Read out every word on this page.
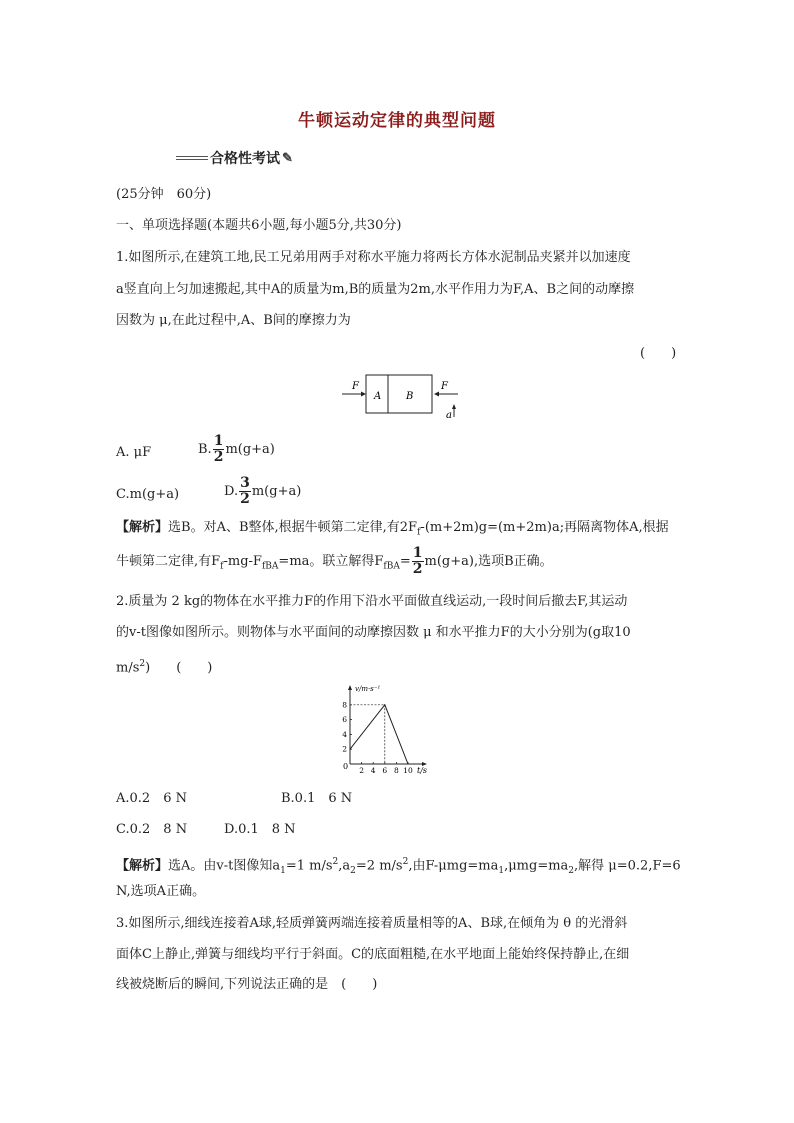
牛顿运动定律的典型问题
合格性考试 ✎
(25分钟　60分)
一、单项选择题(本题共6小题,每小题5分,共30分)
1.如图所示,在建筑工地,民工兄弟用两手对称水平施力将两长方体水泥制品夹紧并以加速度
a竖直向上匀加速搬起,其中A的质量为m,B的质量为2m,水平作用力为F,A、B之间的动摩擦
因数为 μ,在此过程中,A、B间的摩擦力为
(　　)
A B
F	F
a
A. μF	B. $\frac{1}{2} m(g+a)$
C.m(g+a)	D. $\frac{3}{2} m(g+a)$
【解析】选B。对A、B整体,根据牛顿第二定律,有$2F_f-(m+2m)g=(m+2m)a$;再隔离物体A,根据
牛顿第二定律,有$F_f-mg-F_{fBA}=ma$。联立解得$F_{fBA}= \frac{1}{2} m(g+a)$,选项B正确。
2.质量为 2 kg的物体在水平推力F的作用下沿水平面做直线运动,一段时间后撤去F,其运动
的v-t图像如图所示。则物体与水平面间的动摩擦因数 μ 和水平推力F的大小分别为(g取10
$m/s^2$)　　(　　)
v/m·s⁻¹
t/s
0 2 4 6 8 10
2
4
6
8
A.0.2　6 N	B.0.1　6 N
C.0.2　8 N	D.0.1　8 N
【解析】选A。由v-t图像知$a_1=1$ $m/s^2,a_2=2$ $m/s^2$,由$F-\mu mg=ma_1,\mu mg=ma_2$,解得 μ=0.2,F=6
N,选项A正确。
3.如图所示,细线连接着A球,轻质弹簧两端连接着质量相等的A、B球,在倾角为 θ 的光滑斜
面体C上静止,弹簧与细线均平行于斜面。C的底面粗糙,在水平地面上能始终保持静止,在细
线被烧断后的瞬间,下列说法正确的是　(　　)
